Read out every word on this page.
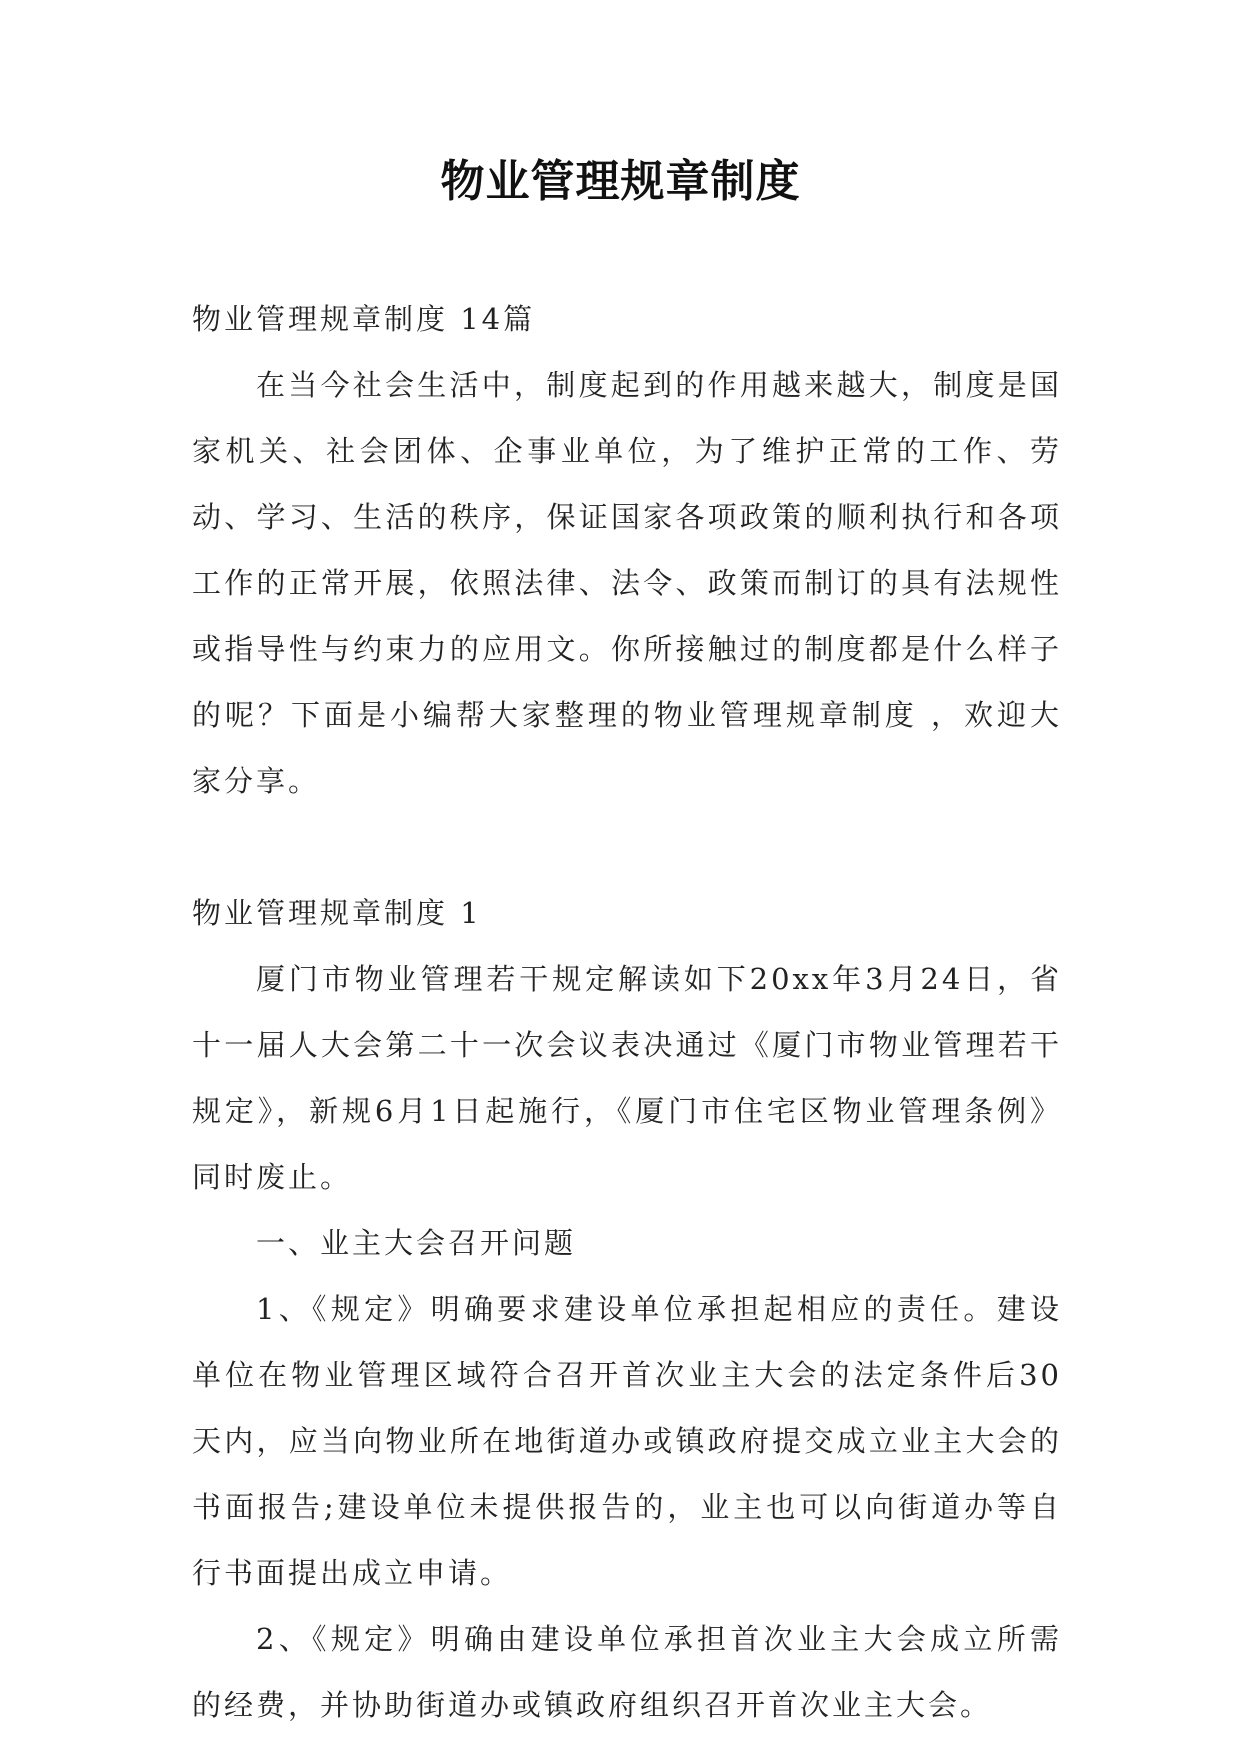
物业管理规章制度

物业管理规章制度 14篇

在当今社会生活中，制度起到的作用越来越大，制度是国家机关、社会团体、企事业单位，为了维护正常的工作、劳动、学习、生活的秩序，保证国家各项政策的顺利执行和各项工作的正常开展，依照法律、法令、政策而制订的具有法规性或指导性与约束力的应用文。你所接触过的制度都是什么样子的呢？下面是小编帮大家整理的物业管理规章制度 ，欢迎大家分享。

物业管理规章制度 1

厦门市物业管理若干规定解读如下20xx年3月24日，省十一届人大会第二十一次会议表决通过《厦门市物业管理若干规定》，新规6月1日起施行，《厦门市住宅区物业管理条例》同时废止。

一、业主大会召开问题

1、《规定》明确要求建设单位承担起相应的责任。建设单位在物业管理区域符合召开首次业主大会的法定条件后30天内，应当向物业所在地街道办或镇政府提交成立业主大会的书面报告;建设单位未提供报告的，业主也可以向街道办等自行书面提出成立申请。

2、《规定》明确由建设单位承担首次业主大会成立所需的经费，并协助街道办或镇政府组织召开首次业主大会。
